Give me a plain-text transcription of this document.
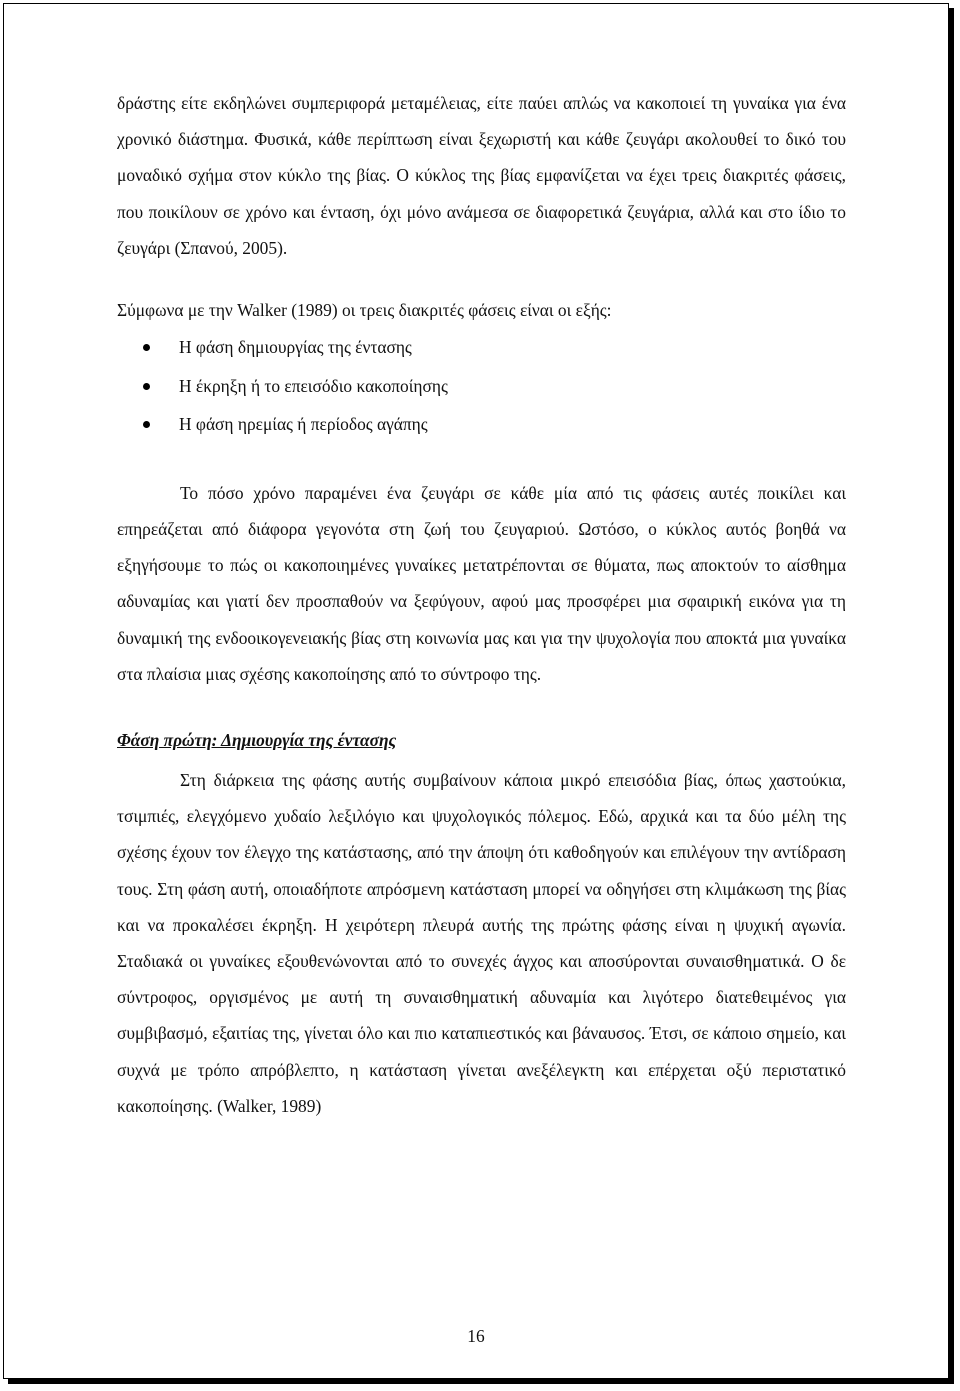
δράστης είτε εκδηλώνει συμπεριφορά μεταμέλειας, είτε παύει απλώς να κακοποιεί τη γυναίκα για ένα χρονικό διάστημα. Φυσικά, κάθε περίπτωση είναι ξεχωριστή και κάθε ζευγάρι ακολουθεί το δικό του μοναδικό σχήμα στον κύκλο της βίας. Ο κύκλος της βίας εμφανίζεται να έχει τρεις διακριτές φάσεις, που ποικίλουν σε χρόνο και ένταση, όχι μόνο ανάμεσα σε διαφορετικά ζευγάρια, αλλά και στο ίδιο το ζευγάρι (Σπανού, 2005).

Σύμφωνα με την Walker (1989) οι τρεις διακριτές φάσεις είναι οι εξής:

Η φάση δημιουργίας της έντασης
Η έκρηξη ή το επεισόδιο κακοποίησης
Η φάση ηρεμίας ή περίοδος αγάπης

Το πόσο χρόνο παραμένει ένα ζευγάρι σε κάθε μία από τις φάσεις αυτές ποικίλει και επηρεάζεται από διάφορα γεγονότα στη ζωή του ζευγαριού. Ωστόσο, ο κύκλος αυτός βοηθά να εξηγήσουμε το πώς οι κακοποιημένες γυναίκες μετατρέπονται σε θύματα, πως αποκτούν το αίσθημα αδυναμίας και γιατί δεν προσπαθούν να ξεφύγουν, αφού μας προσφέρει μια σφαιρική εικόνα για τη δυναμική της ενδοοικογενειακής βίας στη κοινωνία μας και για την ψυχολογία που αποκτά μια γυναίκα στα πλαίσια μιας σχέσης κακοποίησης από το σύντροφο της.

Φάση πρώτη: Δημιουργία της έντασης

Στη διάρκεια της φάσης αυτής συμβαίνουν κάποια μικρό επεισόδια βίας, όπως χαστούκια, τσιμπιές, ελεγχόμενο χυδαίο λεξιλόγιο και ψυχολογικός πόλεμος. Εδώ, αρχικά και τα δύο μέλη της σχέσης έχουν τον έλεγχο της κατάστασης, από την άποψη ότι καθοδηγούν και επιλέγουν την αντίδραση τους. Στη φάση αυτή, οποιαδήποτε απρόσμενη κατάσταση μπορεί να οδηγήσει στη κλιμάκωση της βίας και να προκαλέσει έκρηξη. Η χειρότερη πλευρά αυτής της πρώτης φάσης είναι η ψυχική αγωνία. Σταδιακά οι γυναίκες εξουθενώνονται από το συνεχές άγχος και αποσύρονται συναισθηματικά. Ο δε σύντροφος, οργισμένος με αυτή τη συναισθηματική αδυναμία και λιγότερο διατεθειμένος για συμβιβασμό, εξαιτίας της, γίνεται όλο και πιο καταπιεστικός και βάναυσος. Έτσι, σε κάποιο σημείο, και συχνά με τρόπο απρόβλεπτο, η κατάσταση γίνεται ανεξέλεγκτη και επέρχεται οξύ περιστατικό κακοποίησης. (Walker, 1989)

16
